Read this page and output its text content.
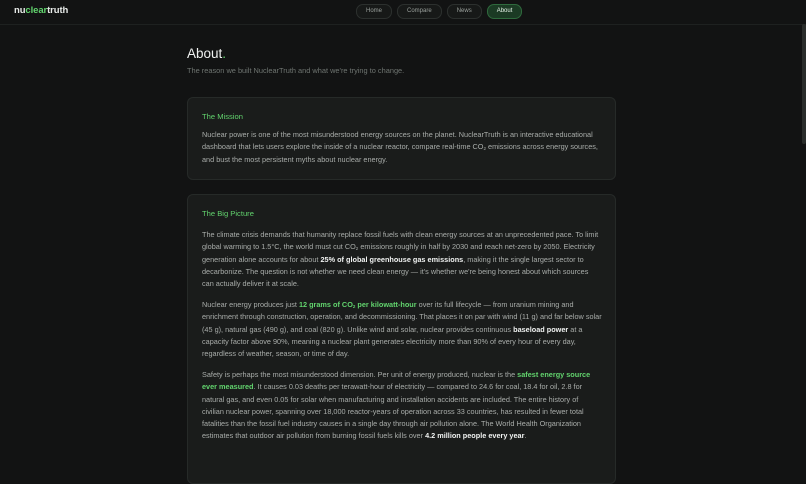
nucleartruth	Home	Compare	News	About
About.
The reason we built NuclearTruth and what we're trying to change.
The Mission

Nuclear power is one of the most misunderstood energy sources on the planet. NuclearTruth is an interactive educational dashboard that lets users explore the inside of a nuclear reactor, compare real-time $CO_2$ emissions across energy sources, and bust the most persistent myths about nuclear energy.

The Big Picture

The climate crisis demands that humanity replace fossil fuels with clean energy sources at an unprecedented pace. To limit global warming to 1.5°C, the world must cut $CO_2$ emissions roughly in half by 2030 and reach net-zero by 2050. Electricity generation alone accounts for about 25% of global greenhouse gas emissions, making it the single largest sector to decarbonize. The question is not whether we need clean energy — it's whether we're being honest about which sources can actually deliver it at scale.

Nuclear energy produces just 12 grams of $CO_2$ per kilowatt-hour over its full lifecycle — from uranium mining and enrichment through construction, operation, and decommissioning. That places it on par with wind (11 g) and far below solar (45 g), natural gas (490 g), and coal (820 g). Unlike wind and solar, nuclear provides continuous baseload power at a capacity factor above 90%, meaning a nuclear plant generates electricity more than 90% of every hour of every day, regardless of weather, season, or time of day.

Safety is perhaps the most misunderstood dimension. Per unit of energy produced, nuclear is the safest energy source ever measured. It causes 0.03 deaths per terawatt-hour of electricity — compared to 24.6 for coal, 18.4 for oil, 2.8 for natural gas, and even 0.05 for solar when manufacturing and installation accidents are included. The entire history of civilian nuclear power, spanning over 18,000 reactor-years of operation across 33 countries, has resulted in fewer total fatalities than the fossil fuel industry causes in a single day through air pollution alone. The World Health Organization estimates that outdoor air pollution from burning fossil fuels kills over 4.2 million people every year.
